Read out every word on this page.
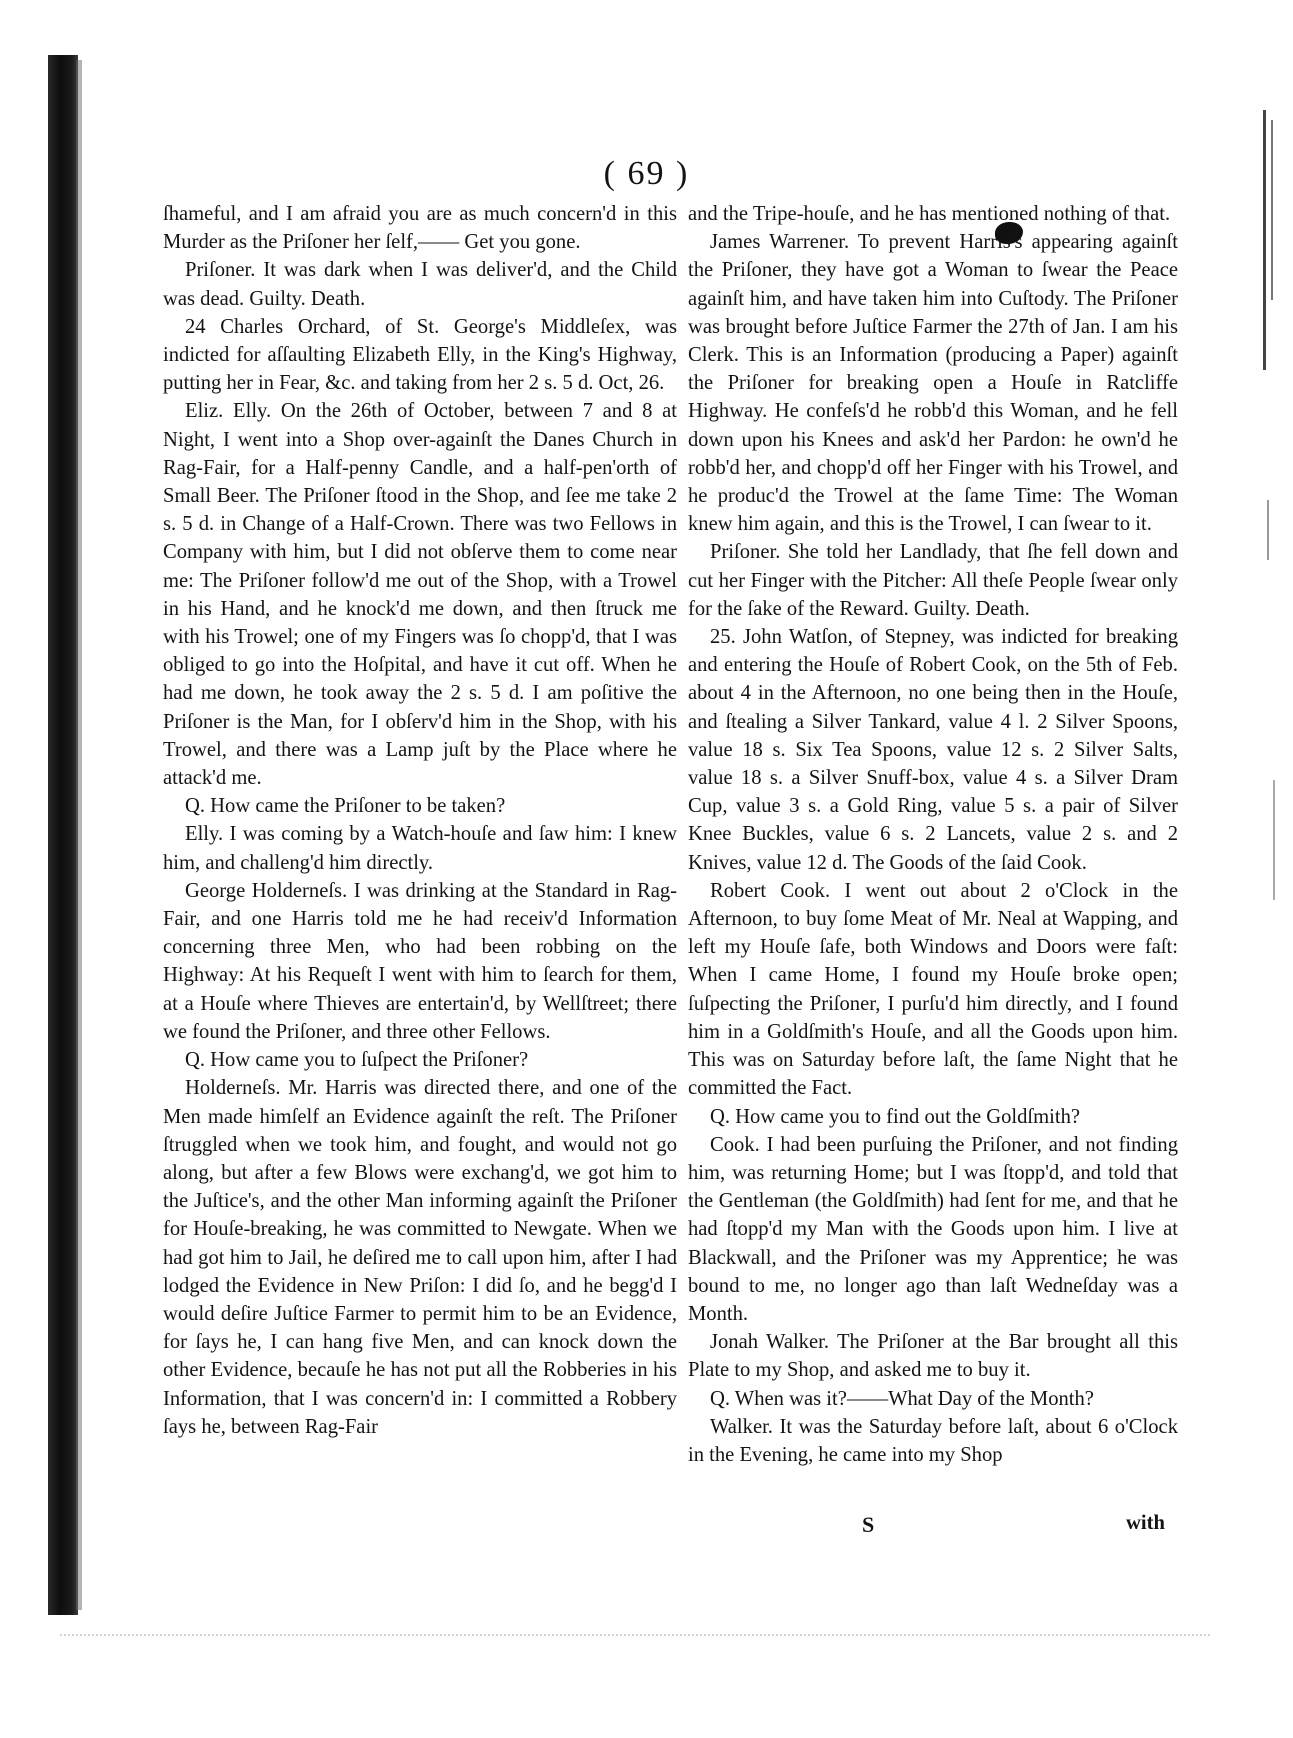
( 69 )

ſhameful, and I am afraid you are as much concern'd in this Murder as the Priſoner her ſelf,—— Get you gone.

Priſoner. It was dark when I was deliver'd, and the Child was dead. Guilty. Death.

24 Charles Orchard, of St. George's Middleſex, was indicted for aſſaulting Elizabeth Elly, in the King's Highway, putting her in Fear, &c. and taking from her 2 s. 5 d. Oct, 26.

Eliz. Elly. On the 26th of October, between 7 and 8 at Night, I went into a Shop over-againſt the Danes Church in Rag-Fair, for a Half-penny Candle, and a half-pen'orth of Small Beer. The Priſoner ſtood in the Shop, and ſee me take 2 s. 5 d. in Change of a Half-Crown. There was two Fellows in Company with him, but I did not obſerve them to come near me: The Priſoner follow'd me out of the Shop, with a Trowel in his Hand, and he knock'd me down, and then ſtruck me with his Trowel; one of my Fingers was ſo chopp'd, that I was obliged to go into the Hoſpital, and have it cut off. When he had me down, he took away the 2 s. 5 d. I am poſitive the Priſoner is the Man, for I obſerv'd him in the Shop, with his Trowel, and there was a Lamp juſt by the Place where he attack'd me.

Q. How came the Priſoner to be taken?

Elly. I was coming by a Watch-houſe and ſaw him: I knew him, and challeng'd him directly.

George Holderneſs. I was drinking at the Standard in Rag-Fair, and one Harris told me he had receiv'd Information concerning three Men, who had been robbing on the Highway: At his Requeſt I went with him to ſearch for them, at a Houſe where Thieves are entertain'd, by Wellſtreet; there we found the Priſoner, and three other Fellows.

Q. How came you to ſuſpect the Priſoner?

Holderneſs. Mr. Harris was directed there, and one of the Men made himſelf an Evidence againſt the reſt. The Priſoner ſtruggled when we took him, and fought, and would not go along, but after a few Blows were exchang'd, we got him to the Juſtice's, and the other Man informing againſt the Priſoner for Houſe-breaking, he was committed to Newgate. When we had got him to Jail, he deſired me to call upon him, after I had lodged the Evidence in New Priſon: I did ſo, and he begg'd I would deſire Juſtice Farmer to permit him to be an Evidence, for ſays he, I can hang five Men, and can knock down the other Evidence, becauſe he has not put all the Robberies in his Information, that I was concern'd in: I committed a Robbery ſays he, between Rag-Fair

and the Tripe-houſe, and he has mentioned nothing of that.

James Warrener. To prevent Harris's appearing againſt the Priſoner, they have got a Woman to ſwear the Peace againſt him, and have taken him into Cuſtody. The Priſoner was brought before Juſtice Farmer the 27th of Jan. I am his Clerk. This is an Information (producing a Paper) againſt the Priſoner for breaking open a Houſe in Ratcliffe Highway. He confeſs'd he robb'd this Woman, and he fell down upon his Knees and ask'd her Pardon: he own'd he robb'd her, and chopp'd off her Finger with his Trowel, and he produc'd the Trowel at the ſame Time: The Woman knew him again, and this is the Trowel, I can ſwear to it.

Priſoner. She told her Landlady, that ſhe fell down and cut her Finger with the Pitcher: All theſe People ſwear only for the ſake of the Reward. Guilty. Death.

25. John Watſon, of Stepney, was indicted for breaking and entering the Houſe of Robert Cook, on the 5th of Feb. about 4 in the Afternoon, no one being then in the Houſe, and ſtealing a Silver Tankard, value 4 l. 2 Silver Spoons, value 18 s. Six Tea Spoons, value 12 s. 2 Silver Salts, value 18 s. a Silver Snuff-box, value 4 s. a Silver Dram Cup, value 3 s. a Gold Ring, value 5 s. a pair of Silver Knee Buckles, value 6 s. 2 Lancets, value 2 s. and 2 Knives, value 12 d. The Goods of the ſaid Cook.

Robert Cook. I went out about 2 o'Clock in the Afternoon, to buy ſome Meat of Mr. Neal at Wapping, and left my Houſe ſafe, both Windows and Doors were faſt: When I came Home, I found my Houſe broke open; ſuſpecting the Priſoner, I purſu'd him directly, and I found him in a Goldſmith's Houſe, and all the Goods upon him. This was on Saturday before laſt, the ſame Night that he committed the Fact.

Q. How came you to find out the Goldſmith?

Cook. I had been purſuing the Priſoner, and not finding him, was returning Home; but I was ſtopp'd, and told that the Gentleman (the Goldſmith) had ſent for me, and that he had ſtopp'd my Man with the Goods upon him. I live at Blackwall, and the Priſoner was my Apprentice; he was bound to me, no longer ago than laſt Wedneſday was a Month.

Jonah Walker. The Priſoner at the Bar brought all this Plate to my Shop, and asked me to buy it.

Q. When was it?——What Day of the Month?

Walker. It was the Saturday before laſt, about 6 o'Clock in the Evening, he came into my Shop

S	with
